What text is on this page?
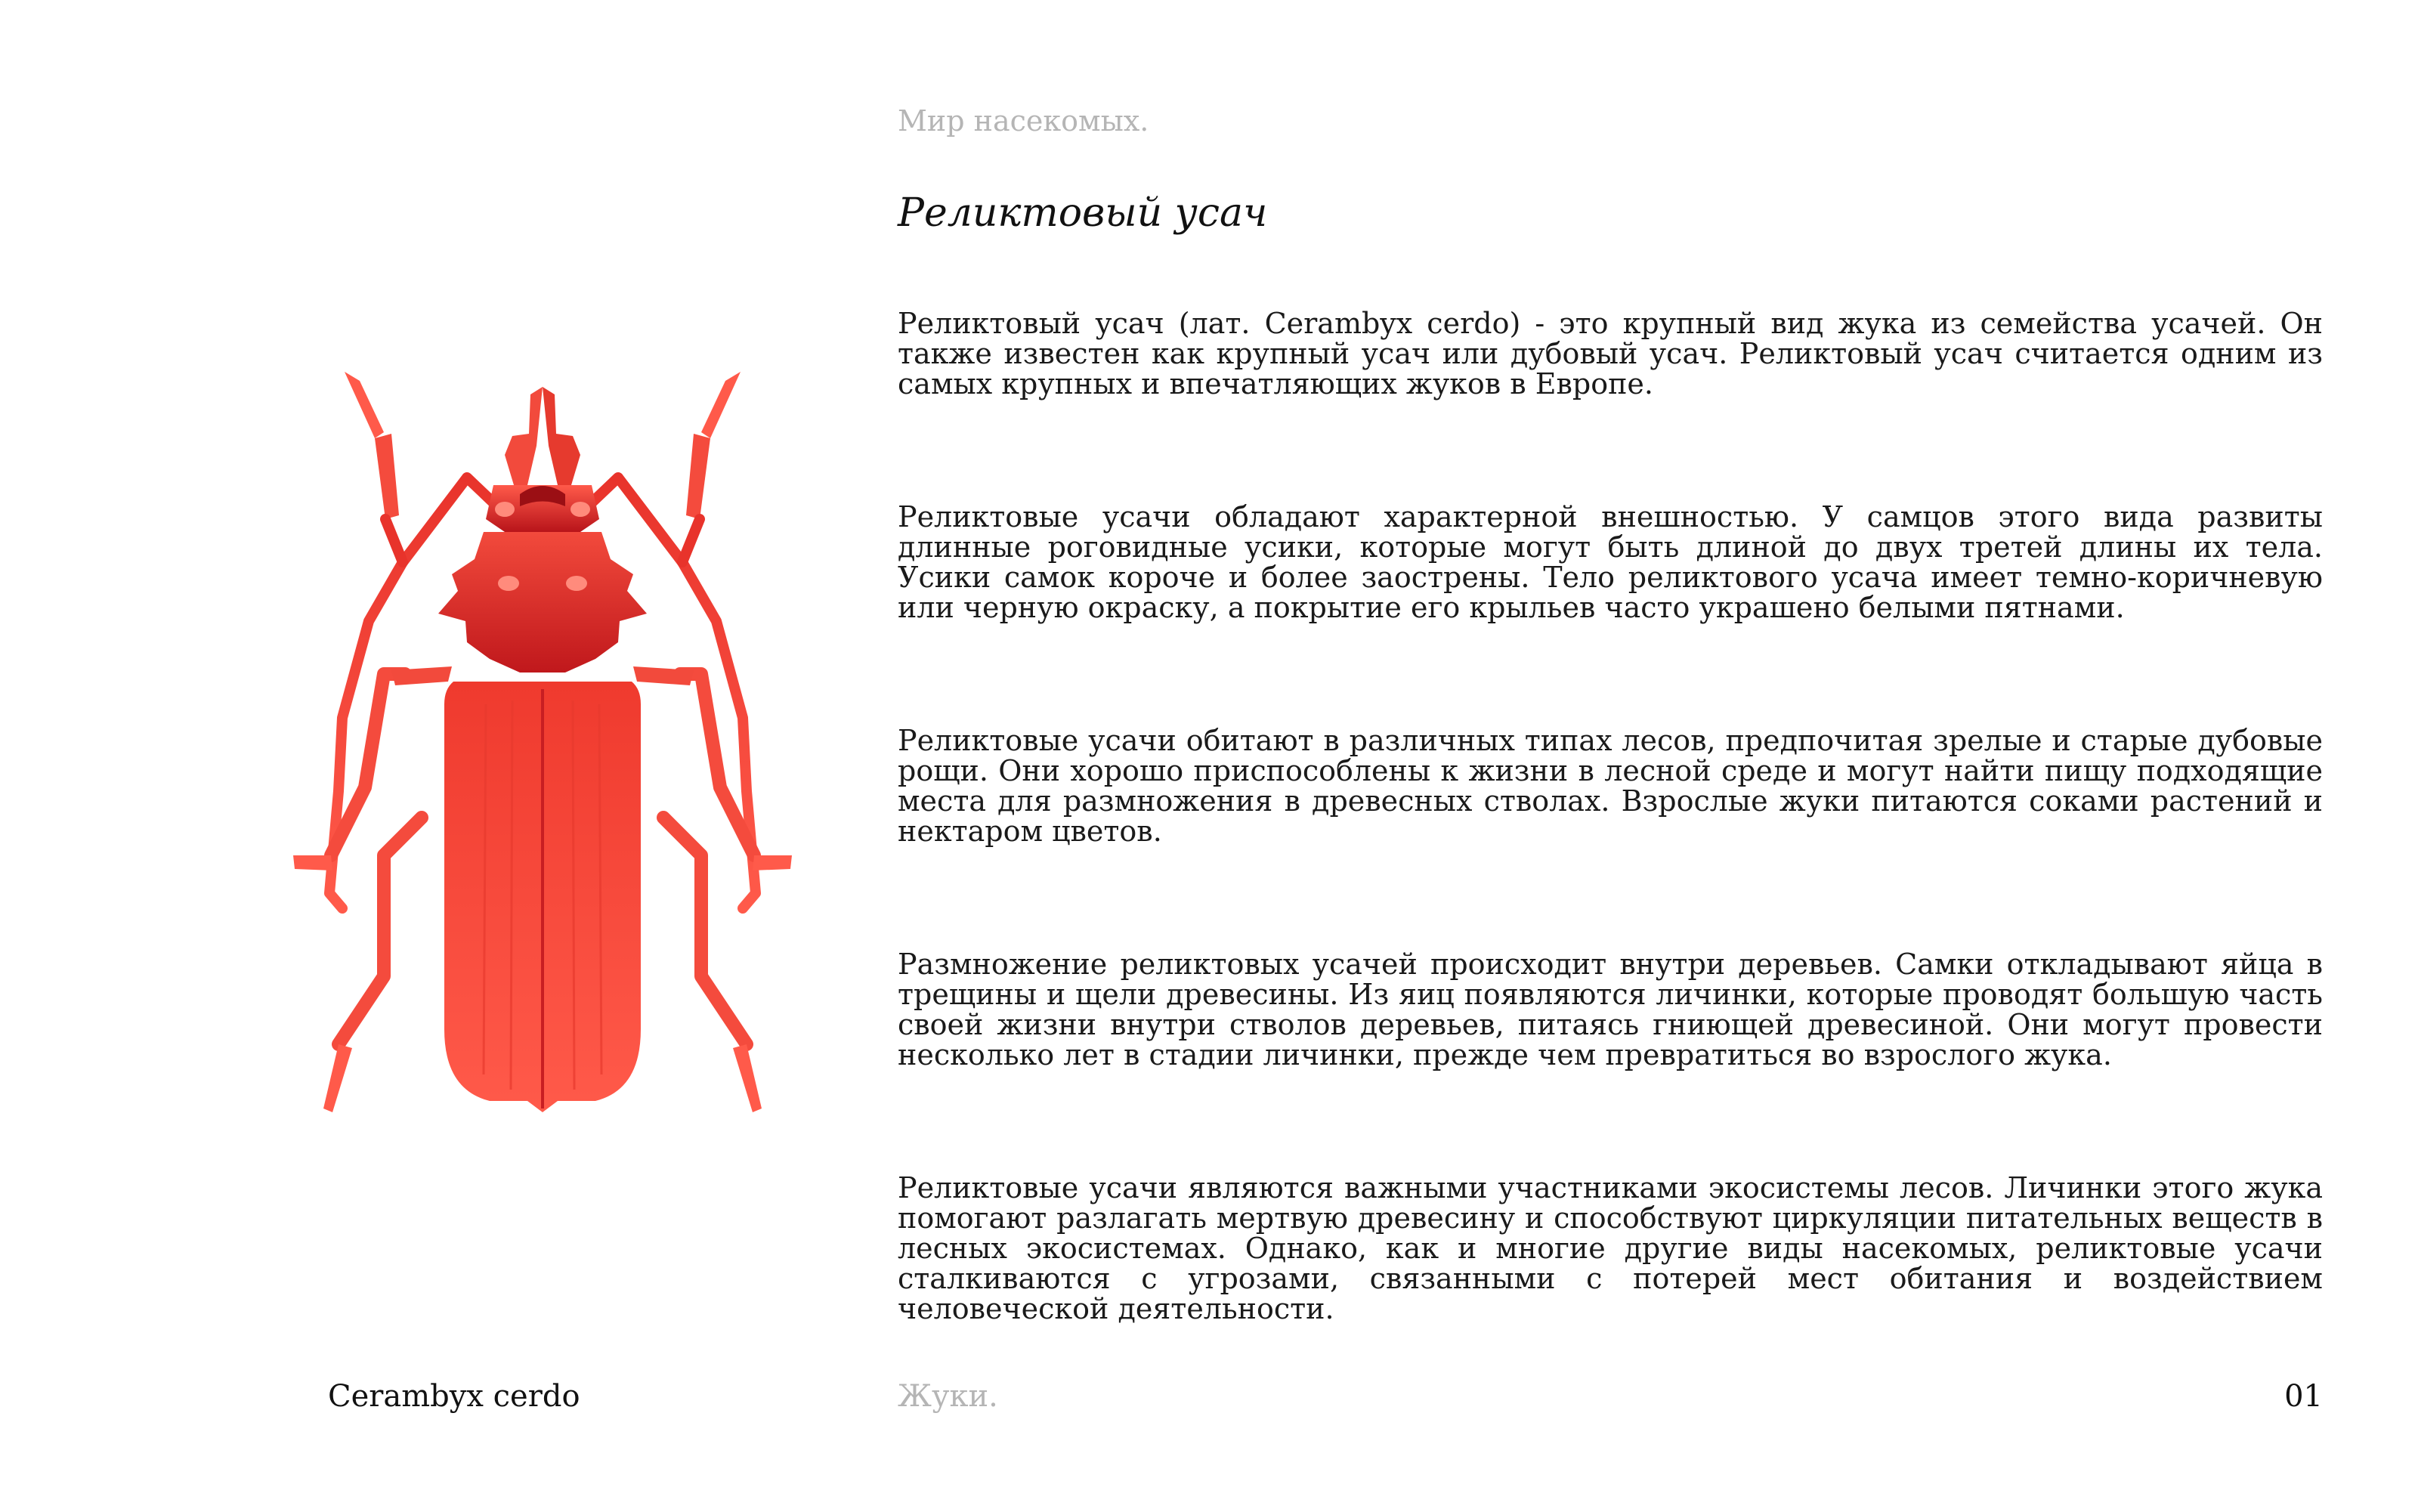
Мир насекомых.
Реликтовый усач

Реликтовый усач (лат. Cerambyx cerdo) - это крупный вид жука из семейства усачей. Он также известен как крупный усач или дубовый усач. Реликтовый усач считается одним из самых крупных и впечатляющих жуков в Европе.

Реликтовые усачи обладают характерной внешностью. У самцов этого вида развиты длинные роговидные усики, которые могут быть длиной до двух третей длины их тела. Усики самок короче и более заострены. Тело реликтового усача имеет темно-коричневую или черную окраску, а покрытие его крыльев часто украшено белыми пятнами.

Реликтовые усачи обитают в различных типах лесов, предпочитая зрелые и старые дубовые рощи. Они хорошо приспособлены к жизни в лесной среде и могут найти пищу подходящие места для размножения в древесных стволах. Взрослые жуки питаются соками растений и нектаром цветов.

Размножение реликтовых усачей происходит внутри деревьев. Самки откладывают яйца в трещины и щели древесины. Из яиц появляются личинки, которые проводят большую часть своей жизни внутри стволов деревьев, питаясь гниющей древесиной. Они могут провести несколько лет в стадии личинки, прежде чем превратиться во взрослого жука.

Реликтовые усачи являются важными участниками экосистемы лесов. Личинки этого жука помогают разлагать мертвую древесину и способствуют циркуляции питательных веществ в лесных экосистемах. Однако, как и многие другие виды насекомых, реликтовые усачи сталкиваются с угрозами, связанными с потерей мест обитания и воздействием человеческой деятельности.

Cerambyx cerdo	Жуки.	01
